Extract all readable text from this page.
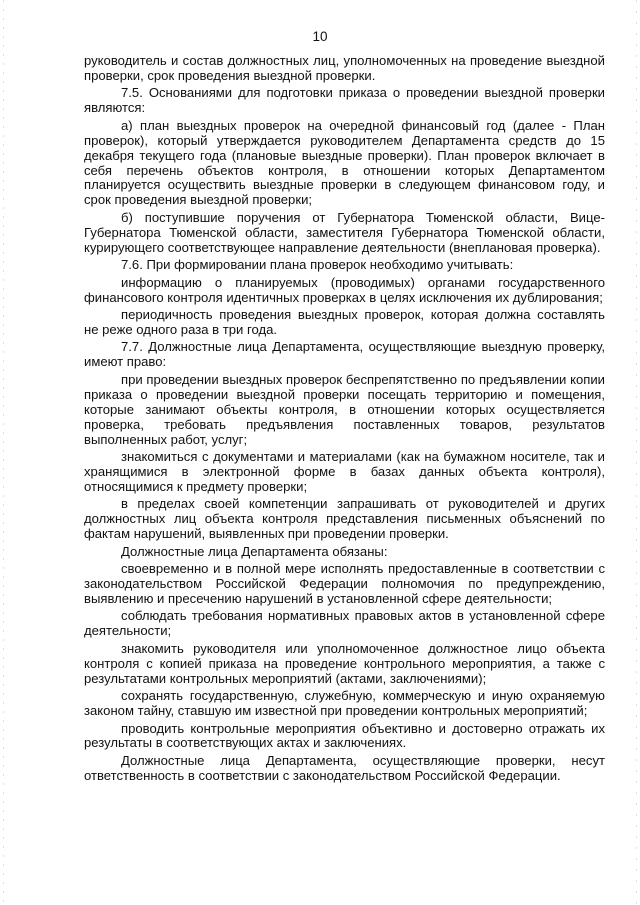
10

руководитель и состав должностных лиц, уполномоченных на проведение выездной проверки, срок проведения выездной проверки.

7.5. Основаниями для подготовки приказа о проведении выездной проверки являются:

а) план выездных проверок на очередной финансовый год (далее - План проверок), который утверждается руководителем Департамента средств до 15 декабря текущего года (плановые выездные проверки). План проверок включает в себя перечень объектов контроля, в отношении которых Департаментом планируется осуществить выездные проверки в следующем финансовом году, и срок проведения выездной проверки;

б) поступившие поручения от Губернатора Тюменской области, Вице-Губернатора Тюменской области, заместителя Губернатора Тюменской области, курирующего соответствующее направление деятельности (внеплановая проверка).

7.6. При формировании плана проверок необходимо учитывать:

информацию о планируемых (проводимых) органами государственного финансового контроля идентичных проверках в целях исключения их дублирования;

периодичность проведения выездных проверок, которая должна составлять не реже одного раза в три года.

7.7. Должностные лица Департамента, осуществляющие выездную проверку, имеют право:

при проведении выездных проверок беспрепятственно по предъявлении копии приказа о проведении выездной проверки посещать территорию и помещения, которые занимают объекты контроля, в отношении которых осуществляется проверка, требовать предъявления поставленных товаров, результатов выполненных работ, услуг;

знакомиться с документами и материалами (как на бумажном носителе, так и хранящимися в электронной форме в базах данных объекта контроля), относящимися к предмету проверки;

в пределах своей компетенции запрашивать от руководителей и других должностных лиц объекта контроля представления письменных объяснений по фактам нарушений, выявленных при проведении проверки.

Должностные лица Департамента обязаны:

своевременно и в полной мере исполнять предоставленные в соответствии с законодательством Российской Федерации полномочия по предупреждению, выявлению и пресечению нарушений в установленной сфере деятельности;

соблюдать требования нормативных правовых актов в установленной сфере деятельности;

знакомить руководителя или уполномоченное должностное лицо объекта контроля с копией приказа на проведение контрольного мероприятия, а также с результатами контрольных мероприятий (актами, заключениями);

сохранять государственную, служебную, коммерческую и иную охраняемую законом тайну, ставшую им известной при проведении контрольных мероприятий;

проводить контрольные мероприятия объективно и достоверно отражать их результаты в соответствующих актах и заключениях.

Должностные лица Департамента, осуществляющие проверки, несут ответственность в соответствии с законодательством Российской Федерации.
